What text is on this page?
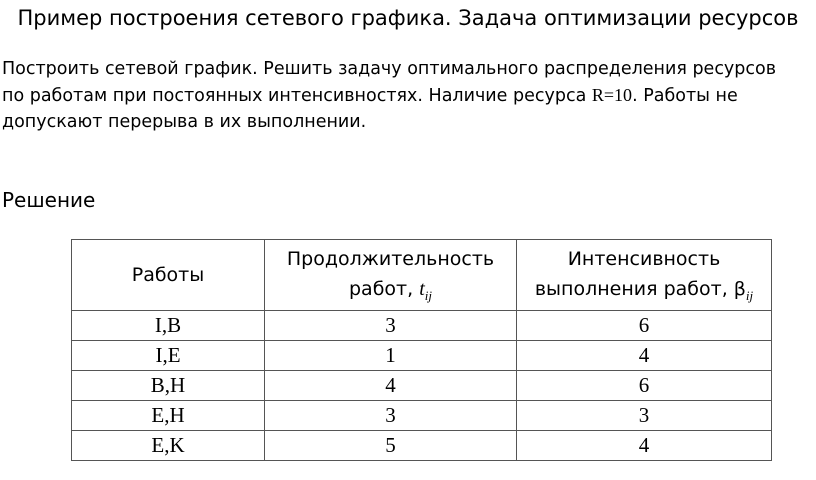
Пример построения сетевого графика. Задача оптимизации ресурсов
Построить сетевой график. Решить задачу оптимального распределения ресурсов по работам при постоянных интенсивностях. Наличие ресурса R=10. Работы не допускают перерыва в их выполнении.
Решение
Работы	Продолжительность работ, $t_{ij}$	Интенсивность выполнения работ, $\beta_{ij}$
I,B	3	6
I,E	1	4
B,H	4	6
E,H	3	3
E,K	5	4
